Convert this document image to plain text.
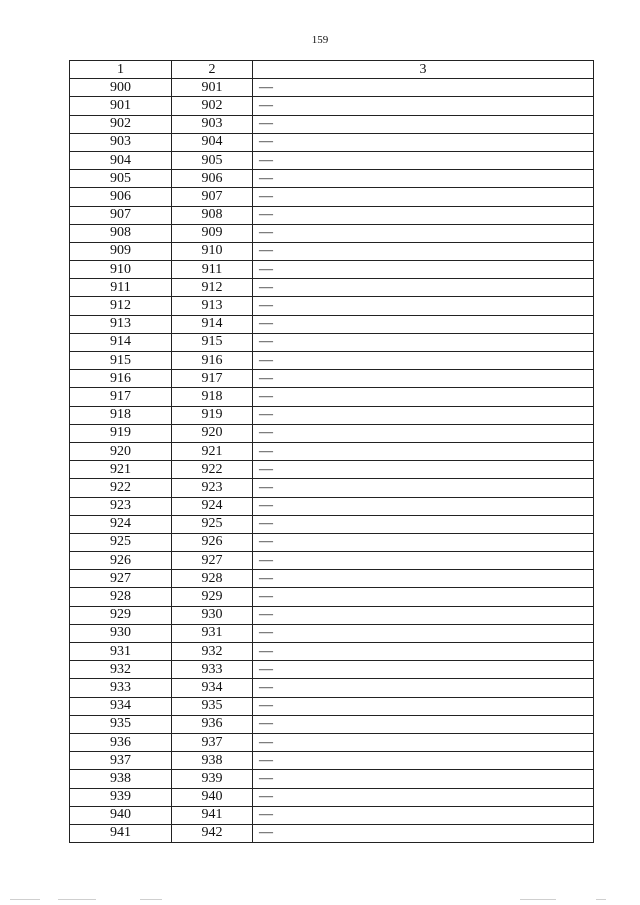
159
1	2	3
900	901	—
901	902	—
902	903	—
903	904	—
904	905	—
905	906	—
906	907	—
907	908	—
908	909	—
909	910	—
910	911	—
911	912	—
912	913	—
913	914	—
914	915	—
915	916	—
916	917	—
917	918	—
918	919	—
919	920	—
920	921	—
921	922	—
922	923	—
923	924	—
924	925	—
925	926	—
926	927	—
927	928	—
928	929	—
929	930	—
930	931	—
931	932	—
932	933	—
933	934	—
934	935	—
935	936	—
936	937	—
937	938	—
938	939	—
939	940	—
940	941	—
941	942	—
